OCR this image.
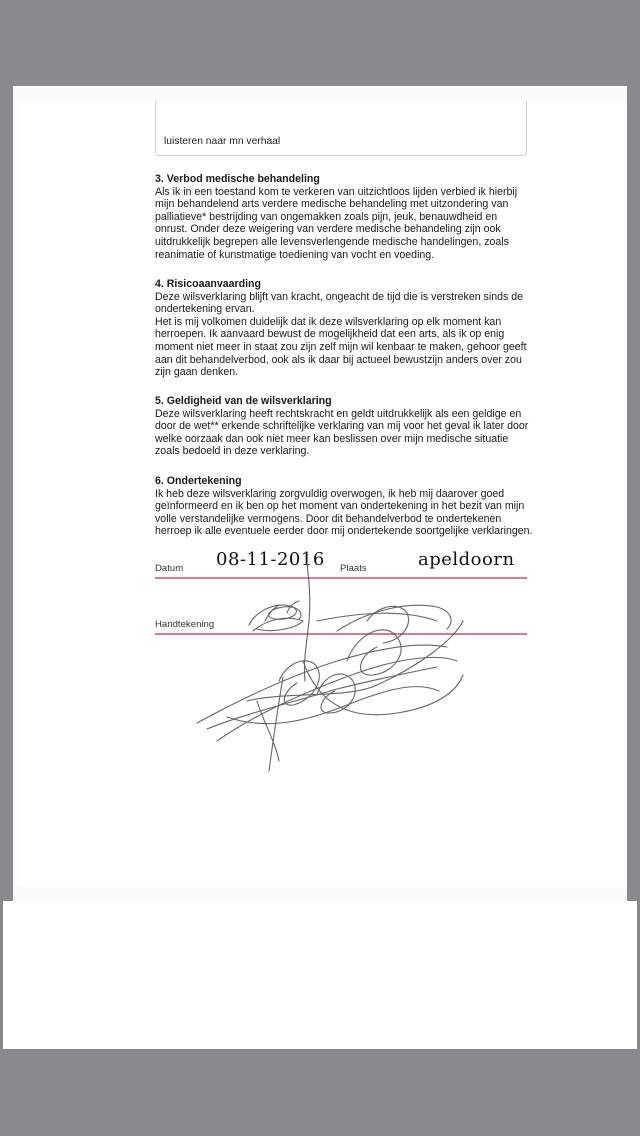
luisteren naar mn verhaal
3. Verbod medische behandeling

Als ik in een toestand kom te verkeren van uitzichtloos lijden verbied ik hierbij
mijn behandelend arts verdere medische behandeling met uitzondering van
palliatieve* bestrijding van ongemakken zoals pijn, jeuk, benauwdheid en
onrust. Onder deze weigering van verdere medische behandeling zijn ook
uitdrukkelijk begrepen alle levensverlengende medische handelingen, zoals
reanimatie of kunstmatige toediening van vocht en voeding.

4. Risicoaanvaarding

Deze wilsverklaring blijft van kracht, ongeacht de tijd die is verstreken sinds de
ondertekening ervan.
Het is mij volkomen duidelijk dat ik deze wilsverklaring op elk moment kan
herroepen. Ik aanvaard bewust de mogelijkheid dat een arts, als ik op enig
moment niet meer in staat zou zijn zelf mijn wil kenbaar te maken, gehoor geeft
aan dit behandelverbod, ook als ik daar bij actueel bewustzijn anders over zou
zijn gaan denken.

5. Geldigheid van de wilsverklaring

Deze wilsverklaring heeft rechtskracht en geldt uitdrukkelijk als een geldige en
door de wet** erkende schriftelijke verklaring van mij voor het geval ik later door
welke oorzaak dan ook niet meer kan beslissen over mijn medische situatie
zoals bedoeld in deze verklaring.

6. Ondertekening

Ik heb deze wilsverklaring zorgvuldig overwogen, ik heb mij daarover goed
geïnformeerd en ik ben op het moment van ondertekening in het bezit van mijn
volle verstandelijke vermogens. Door dit behandelverbod te ondertekenen
herroep ik alle eventuele eerder door mij ondertekende soortgelijke verklaringen.

Datum 08-11-2016 Plaats	apeldoorn
Handtekening
